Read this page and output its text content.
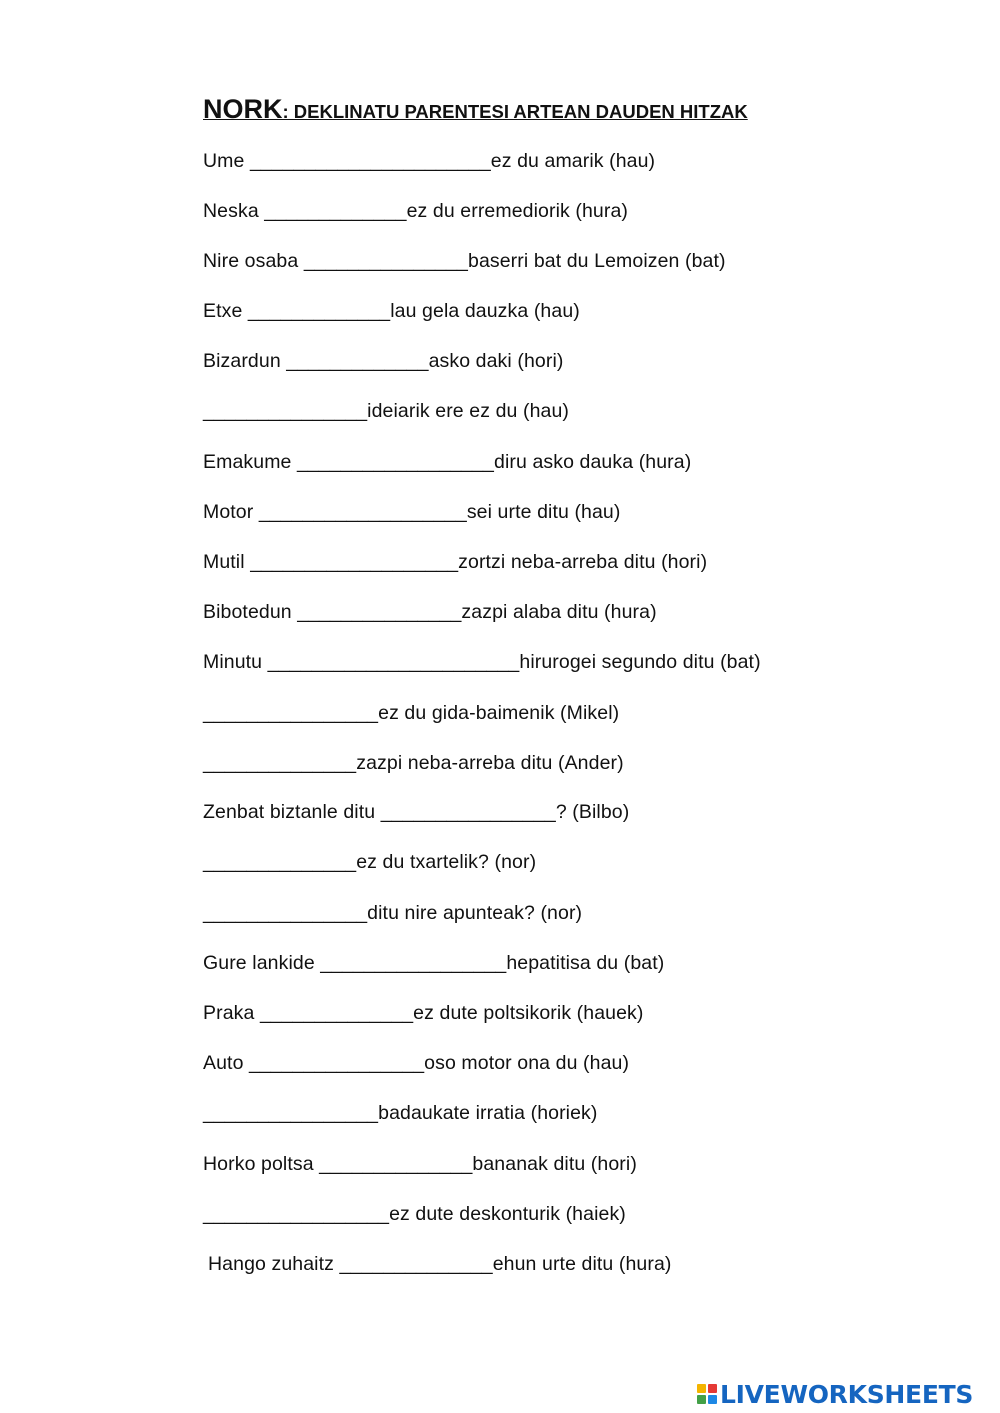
NORK: DEKLINATU PARENTESI ARTEAN DAUDEN HITZAK
Ume ______________________ez du amarik (hau)
Neska _____________ez du erremediorik (hura)
Nire osaba _______________baserri bat du Lemoizen (bat)
Etxe _____________lau gela dauzka (hau)
Bizardun _____________asko daki (hori)
_______________ideiarik ere ez du (hau)
Emakume __________________diru asko dauka (hura)
Motor ___________________sei urte ditu (hau)
Mutil ___________________zortzi neba-arreba ditu (hori)
Bibotedun _______________zazpi alaba ditu (hura)
Minutu _______________________hirurogei segundo ditu (bat)
________________ez du gida-baimenik (Mikel)
______________zazpi neba-arreba ditu (Ander)
Zenbat biztanle ditu ________________? (Bilbo)
______________ez du txartelik? (nor)
_______________ditu nire apunteak? (nor)
Gure lankide _________________hepatitisa du (bat)
Praka ______________ez dute poltsikorik (hauek)
Auto ________________oso motor ona du (hau)
________________badaukate irratia (horiek)
Horko poltsa ______________bananak ditu (hori)
_________________ez dute deskonturik (haiek)
Hango zuhaitz ______________ehun urte ditu (hura)
LIVEWORKSHEETS
